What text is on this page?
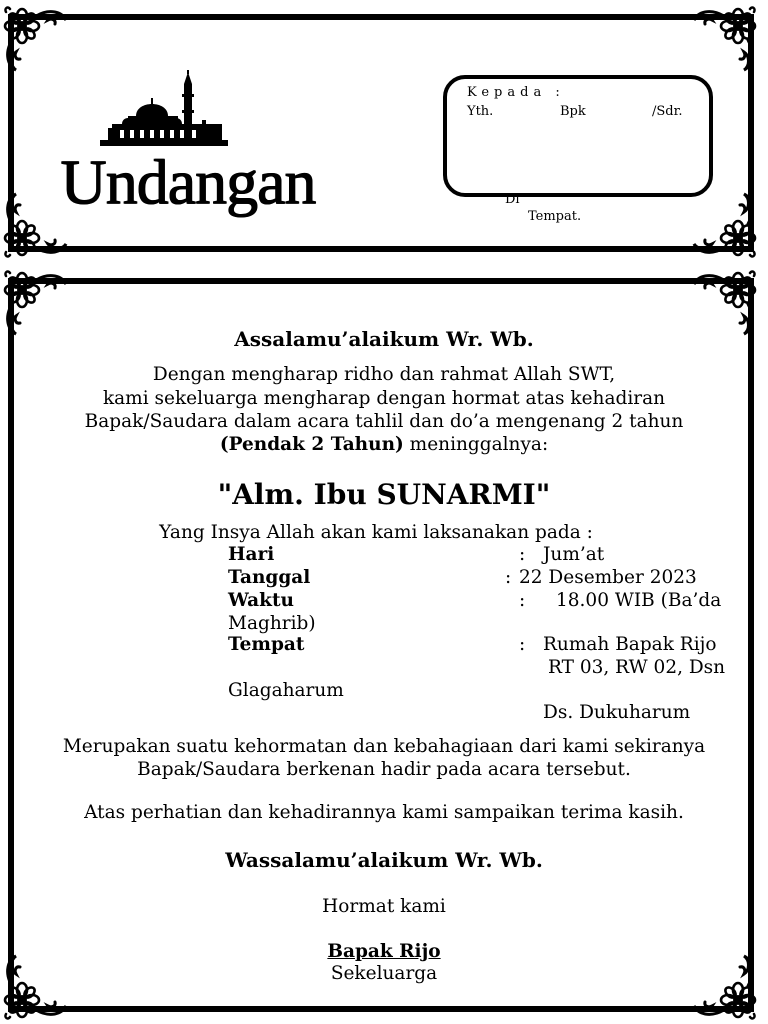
Undangan
Kepada :
Yth.	Bpk	/Sdr.
Di
Tempat.
Assalamu’alaikum Wr. Wb.
Dengan mengharap ridho dan rahmat Allah SWT,
kami sekeluarga mengharap dengan hormat atas kehadiran
Bapak/Saudara dalam acara tahlil dan do’a mengenang 2 tahun
(Pendak 2 Tahun) meninggalnya:
"Alm. Ibu SUNARMI"
Yang Insya Allah akan kami laksanakan pada :
Hari	: Jum’at
Tanggal	: 22 Desember 2023
Waktu	: 18.00 WIB (Ba’da
Maghrib)
Tempat	: Rumah Bapak Rijo
RT 03, RW 02, Dsn
Glagaharum
Ds. Dukuharum
Merupakan suatu kehormatan dan kebahagiaan dari kami sekiranya
Bapak/Saudara berkenan hadir pada acara tersebut.
Atas perhatian dan kehadirannya kami sampaikan terima kasih.
Wassalamu’alaikum Wr. Wb.
Hormat kami
Bapak Rijo
Sekeluarga
